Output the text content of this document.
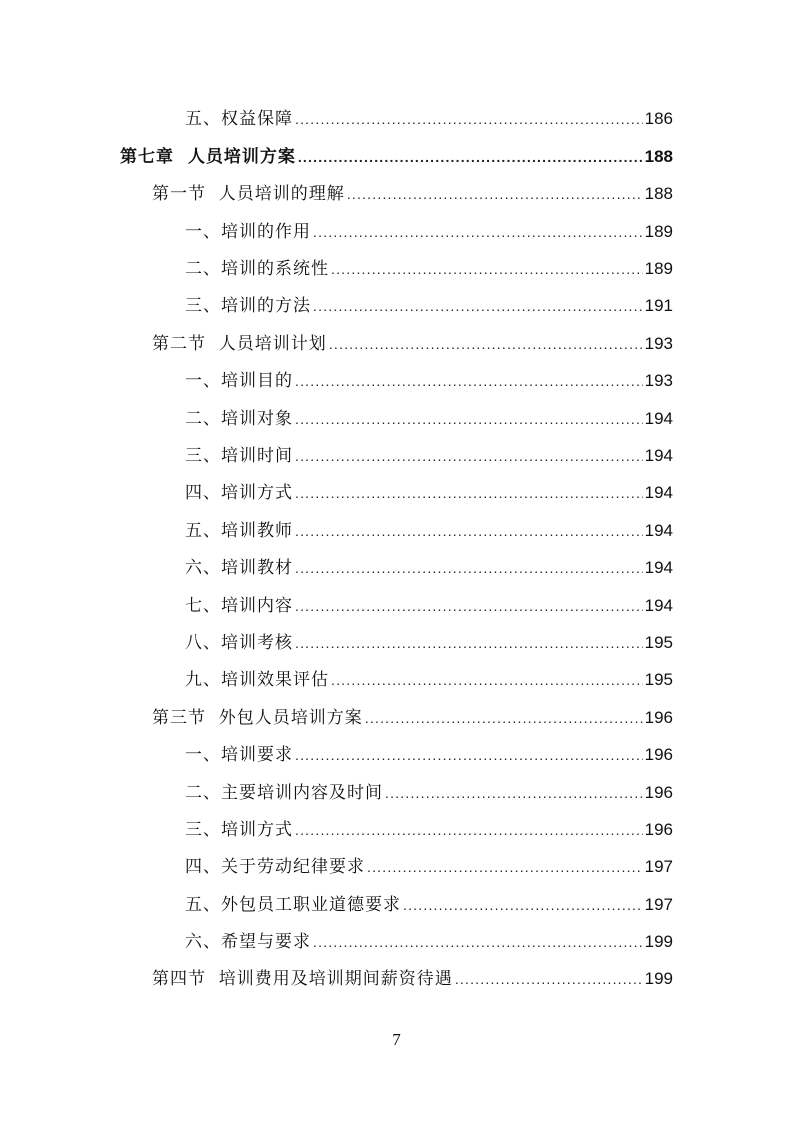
五、权益保障 .....	186
第七章  人员培训方案 .....	188
第一节  人员培训的理解 .....	188
一、培训的作用 .....	189
二、培训的系统性 .....	189
三、培训的方法 .....	191
第二节  人员培训计划 .....	193
一、培训目的 .....	193
二、培训对象 .....	194
三、培训时间 .....	194
四、培训方式 .....	194
五、培训教师 .....	194
六、培训教材 .....	194
七、培训内容 .....	194
八、培训考核 .....	195
九、培训效果评估 .....	195
第三节  外包人员培训方案 .....	196
一、培训要求 .....	196
二、主要培训内容及时间 .....	196
三、培训方式 .....	196
四、关于劳动纪律要求 .....	197
五、外包员工职业道德要求 .....	197
六、希望与要求 .....	199
第四节  培训费用及培训期间薪资待遇 .....	199
7
